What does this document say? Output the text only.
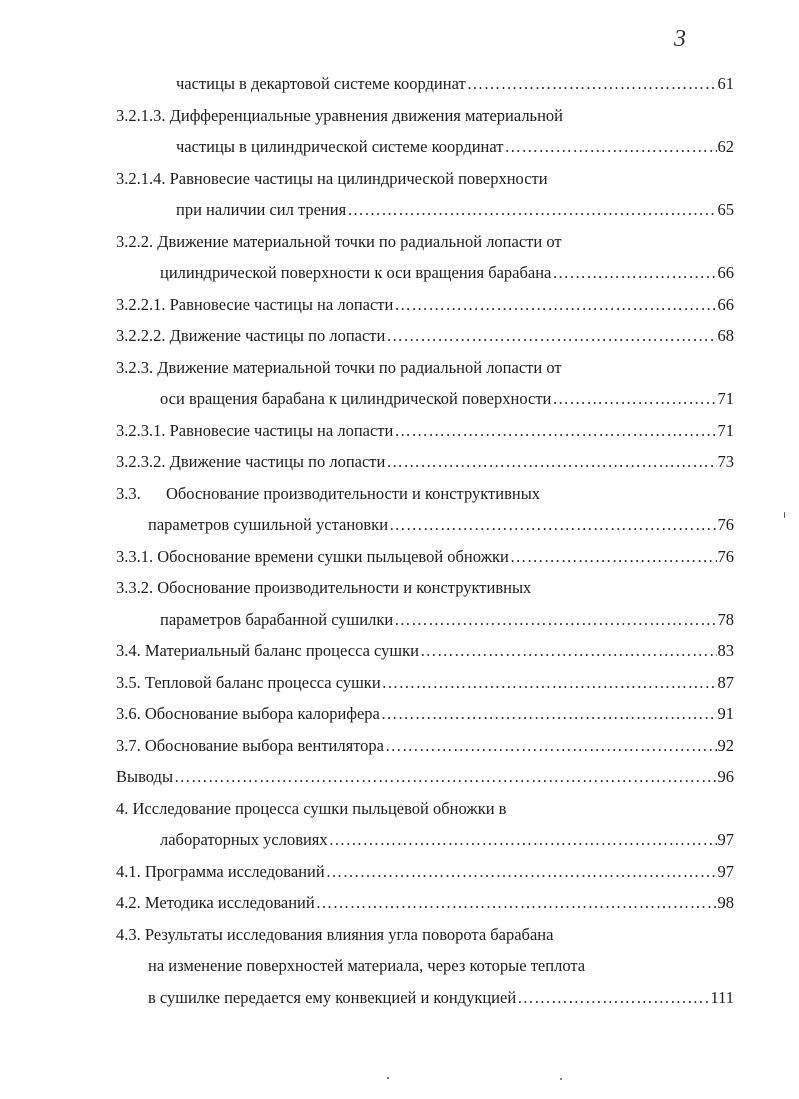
3
частицы в декартовой системе координат ……………………………………………………………………………………………………………………………………………………………	61
3.2.1.3. Дифференциальные уравнения движения материальной
частицы в цилиндрической системе координат ……………………………………………………………………………………………………………………………………………………………	62
3.2.1.4. Равновесие частицы на цилиндрической поверхности
при наличии сил трения ……………………………………………………………………………………………………………………………………………………………	65
3.2.2. Движение материальной точки по радиальной лопасти от
цилиндрической поверхности к оси вращения барабана ……………………………………………………………………………………………………………………………………………………………	66
3.2.2.1. Равновесие частицы на лопасти ……………………………………………………………………………………………………………………………………………………………	66
3.2.2.2. Движение частицы по лопасти ……………………………………………………………………………………………………………………………………………………………	68
3.2.3. Движение материальной точки по радиальной лопасти от
оси вращения барабана к цилиндрической поверхности ……………………………………………………………………………………………………………………………………………………………	71
3.2.3.1. Равновесие частицы на лопасти ……………………………………………………………………………………………………………………………………………………………	71
3.2.3.2. Движение частицы по лопасти ……………………………………………………………………………………………………………………………………………………………	73
3.3. Обоснование производительности и конструктивных
параметров сушильной установки ……………………………………………………………………………………………………………………………………………………………	76
3.3.1. Обоснование времени сушки пыльцевой обножки ……………………………………………………………………………………………………………………………………………………………	76
3.3.2. Обоснование производительности и конструктивных
параметров барабанной сушилки ……………………………………………………………………………………………………………………………………………………………	78
3.4. Материальный баланс процесса сушки ……………………………………………………………………………………………………………………………………………………………	83
3.5. Тепловой баланс процесса сушки ……………………………………………………………………………………………………………………………………………………………	87
3.6. Обоснование выбора калорифера ……………………………………………………………………………………………………………………………………………………………	91
3.7. Обоснование выбора вентилятора ……………………………………………………………………………………………………………………………………………………………	92
Выводы ……………………………………………………………………………………………………………………………………………………………	96
4. Исследование процесса сушки пыльцевой обножки в
лабораторных условиях ……………………………………………………………………………………………………………………………………………………………	97
4.1. Программа исследований ……………………………………………………………………………………………………………………………………………………………	97
4.2. Методика исследований ……………………………………………………………………………………………………………………………………………………………	98
4.3. Результаты исследования влияния угла поворота барабана
на изменение поверхностей материала, через которые теплота
в сушилке передается ему конвекцией и кондукцией ……………………………………………………………………………………………………………………………………………………………	111
